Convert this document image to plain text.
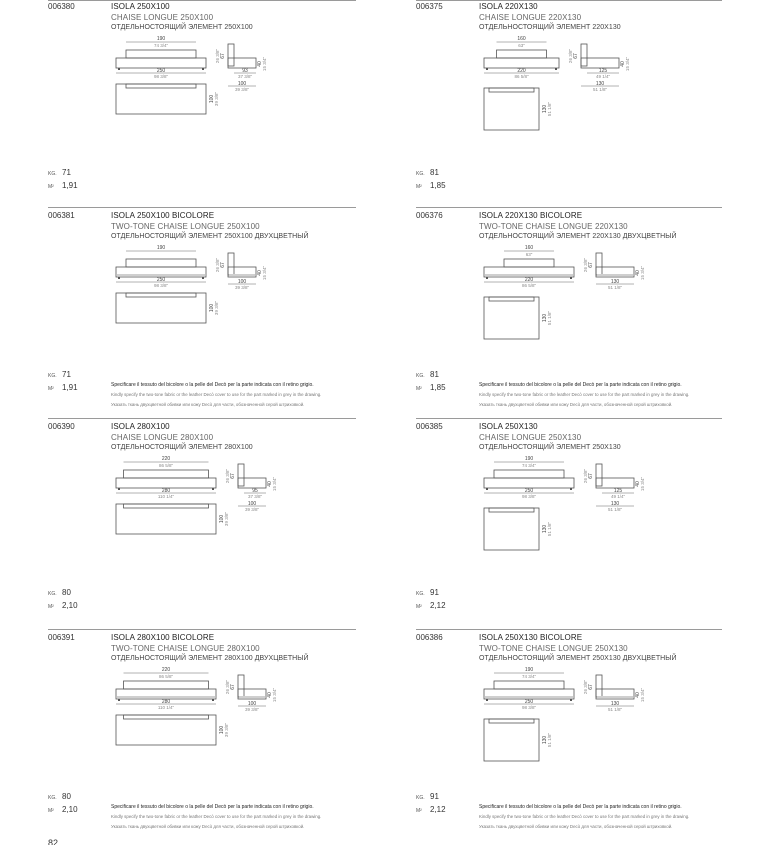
006380	ISOLA 250X100
CHAISE LONGUE 250X100
ОТДЕЛЬНОСТОЯЩИЙ ЭЛЕМЕНТ 250X100
190
74 3/4"
250
98 3/8"
67
26 3/8"
40 15 3/4"
93
37 3/8"
100
39 3/8"
100 39 3/8"
KG. 71
M² 1,91
006375	ISOLA 220X130
CHAISE LONGUE 220X130
ОТДЕЛЬНОСТОЯЩИЙ ЭЛЕМЕНТ 220X130
160
63"
220
86 5/8"
67
26 3/8"
40 15 3/4"
125
49 1/4"
130
51 1/8"
130 51 1/8"
KG. 81
M² 1,85
006381	ISOLA 250X100 BICOLORE
TWO-TONE CHAISE LONGUE 250X100
ОТДЕЛЬНОСТОЯЩИЙ ЭЛЕМЕНТ 250X100 ДВУХЦВЕТНЫЙ
190
250
98 3/8"
67
26 3/8"
40 15 3/4"
100
39 3/8"
100 39 3/8"
KG. 71
M² 1,91	Specificare il tessuto del bicolore o la pelle del Decò per la parte indicata con il retino grigio.
Kindly specify the two-tone fabric or the leather Decò cover to use for the part marked in grey in the drawing.
Указать ткань двухцветной обивки или кожу Decò для части, обозначенной серой штриховкой.
006376	ISOLA 220X130 BICOLORE
TWO-TONE CHAISE LONGUE 220X130
ОТДЕЛЬНОСТОЯЩИЙ ЭЛЕМЕНТ 220X130 ДВУХЦВЕТНЫЙ
160
63"
220
86 5/8"
67
26 3/8"
40 15 3/4"
130
51 1/8"
130 51 1/8"
KG. 81
M² 1,85	Specificare il tessuto del bicolore o la pelle del Decò per la parte indicata con il retino grigio.
Kindly specify the two-tone fabric or the leather Decò cover to use for the part marked in grey in the drawing.
Указать ткань двухцветной обивки или кожу Decò для части, обозначенной серой штриховкой.
006390	ISOLA 280X100
CHAISE LONGUE 280X100
ОТДЕЛЬНОСТОЯЩИЙ ЭЛЕМЕНТ 280X100
220
86 5/8"
280
110 1/4"
67
26 3/8"
40 15 3/4"
95
37 3/8"
100
39 3/8"
100 39 3/8"
KG. 80
M² 2,10
006385	ISOLA 250X130
CHAISE LONGUE 250X130
ОТДЕЛЬНОСТОЯЩИЙ ЭЛЕМЕНТ 250X130
190
74 3/4"
250
98 3/8"
67
26 3/8"
40 15 3/4"
125
49 1/4"
130
51 1/8"
130 51 1/8"
KG. 91
M² 2,12
006391	ISOLA 280X100 BICOLORE
TWO-TONE CHAISE LONGUE 280X100
ОТДЕЛЬНОСТОЯЩИЙ ЭЛЕМЕНТ 280X100 ДВУХЦВЕТНЫЙ
220
86 5/8"
280
110 1/4"
67
26 3/8"
40 15 3/4"
100
39 3/8"
100 39 3/8"
KG. 80
M² 2,10	Specificare il tessuto del bicolore o la pelle del Decò per la parte indicata con il retino grigio.
Kindly specify the two-tone fabric or the leather Decò cover to use for the part marked in grey in the drawing.
Указать ткань двухцветной обивки или кожу Decò для части, обозначенной серой штриховкой.
006386	ISOLA 250X130 BICOLORE
TWO-TONE CHAISE LONGUE 250X130
ОТДЕЛЬНОСТОЯЩИЙ ЭЛЕМЕНТ 250X130 ДВУХЦВЕТНЫЙ
190
74 3/4"
250
98 3/8"
67
26 3/8"
40 15 3/4"
130
51 1/8"
130 51 1/8"
KG. 91
M² 2,12	Specificare il tessuto del bicolore o la pelle del Decò per la parte indicata con il retino grigio.
Kindly specify the two-tone fabric or the leather Decò cover to use for the part marked in grey in the drawing.
Указать ткань двухцветной обивки или кожу Decò для части, обозначенной серой штриховкой.
82
